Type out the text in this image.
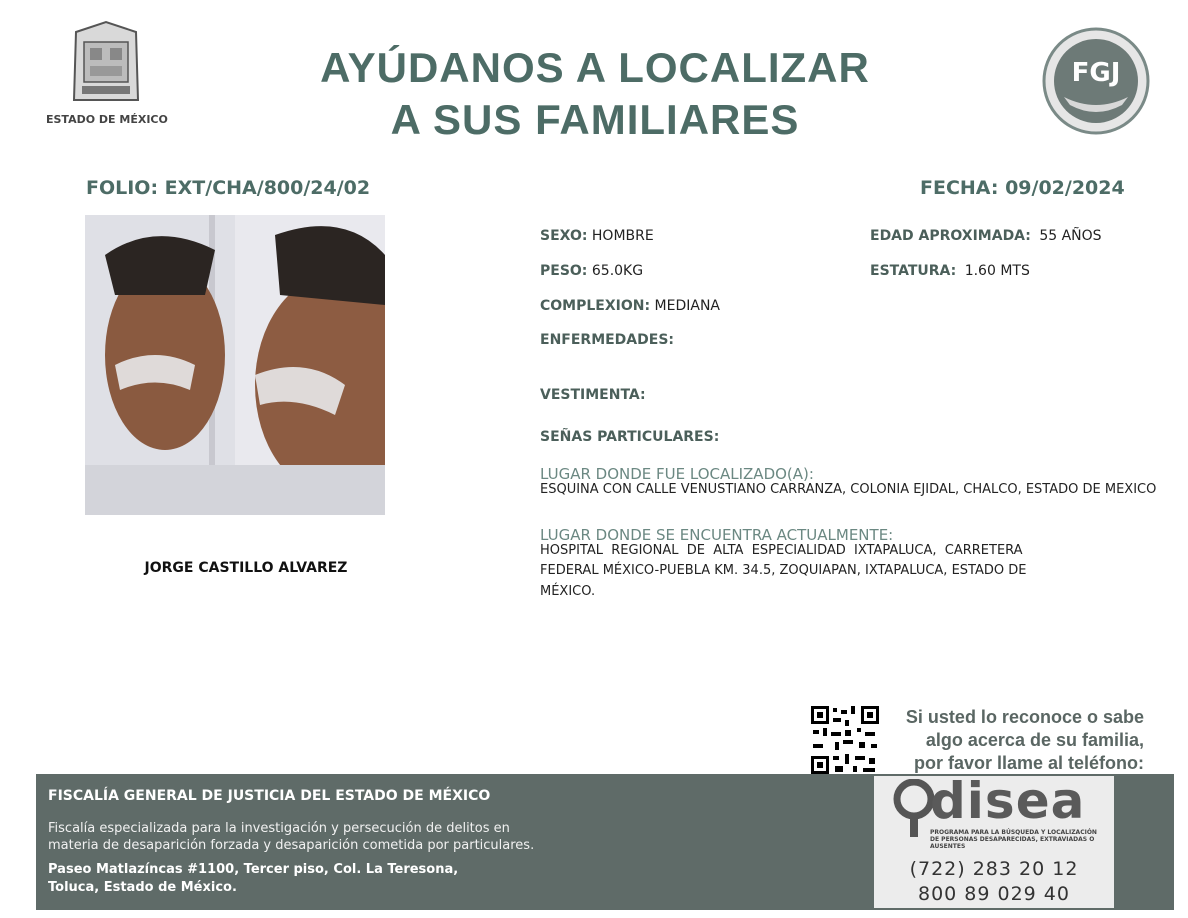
ESTADO DE MÉXICO
AYÚDANOS A LOCALIZAR
A SUS FAMILIARES
FGJ
FOLIO: EXT/CHA/800/24/02	FECHA: 09/02/2024
JORGE CASTILLO ALVAREZ
SEXO: HOMBRE	EDAD APROXIMADA: 55 AÑOS
PESO: 65.0KG	ESTATURA: 1.60 MTS
COMPLEXION: MEDIANA
ENFERMEDADES:
VESTIMENTA:
SEÑAS PARTICULARES:
LUGAR DONDE FUE LOCALIZADO(A):
ESQUINA CON CALLE VENUSTIANO CARRANZA, COLONIA EJIDAL, CHALCO, ESTADO DE MEXICO
LUGAR DONDE SE ENCUENTRA ACTUALMENTE:
HOSPITAL  REGIONAL  DE  ALTA  ESPECIALIDAD  IXTAPALUCA,  CARRETERA
FEDERAL MÉXICO-PUEBLA KM. 34.5, ZOQUIAPAN, IXTAPALUCA, ESTADO DE
MÉXICO.
Si usted lo reconoce o sabe
algo acerca de su familia,
por favor llame al teléfono:
FISCALÍA GENERAL DE JUSTICIA DEL ESTADO DE MÉXICO
Fiscalía especializada para la investigación y persecución de delitos en
materia de desaparición forzada y desaparición cometida por particulares.
Paseo Matlazíncas #1100, Tercer piso, Col. La Teresona,
Toluca, Estado de México.
disea
PROGRAMA PARA LA BÚSQUEDA Y LOCALIZACIÓN DE PERSONAS DESAPARECIDAS, EXTRAVIADAS O AUSENTES
(722) 283 20 12
800 89 029 40
